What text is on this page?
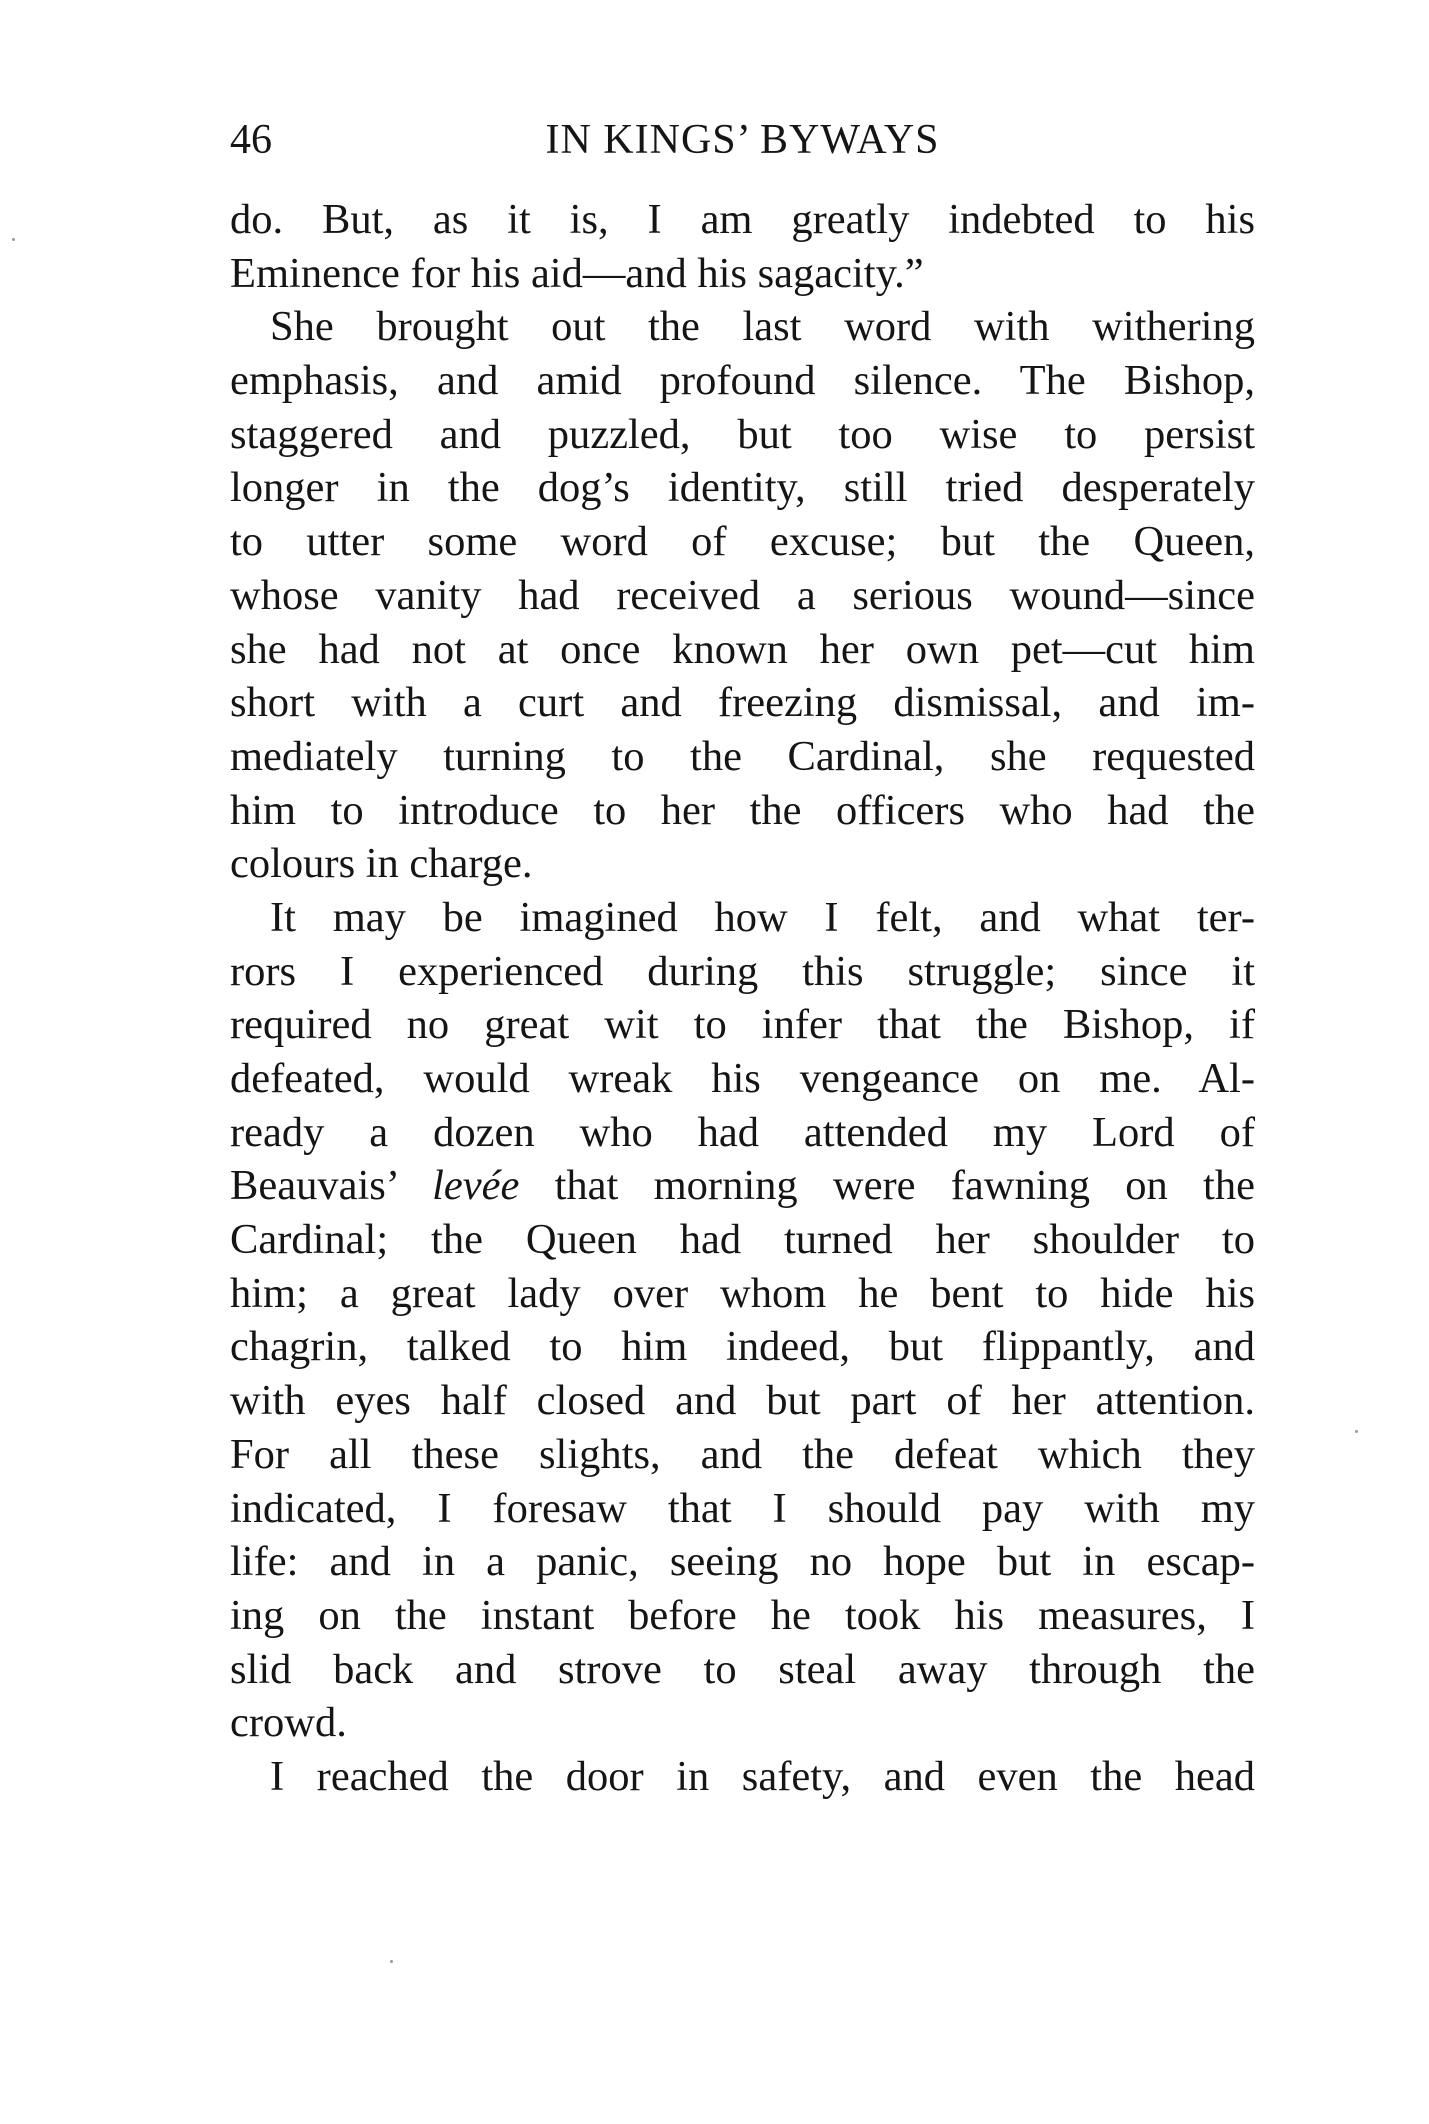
46	IN KINGS’ BYWAYS
do. But, as it is, I am greatly indebted to his
Eminence for his aid—and his sagacity.”
She brought out the last word with withering
emphasis, and amid profound silence. The Bishop,
staggered and puzzled, but too wise to persist
longer in the dog’s identity, still tried desperately
to utter some word of excuse; but the Queen,
whose vanity had received a serious wound—since
she had not at once known her own pet—cut him
short with a curt and freezing dismissal, and im-
mediately turning to the Cardinal, she requested
him to introduce to her the officers who had the
colours in charge.
It may be imagined how I felt, and what ter-
rors I experienced during this struggle; since it
required no great wit to infer that the Bishop, if
defeated, would wreak his vengeance on me. Al-
ready a dozen who had attended my Lord of
Beauvais’ levée that morning were fawning on the
Cardinal; the Queen had turned her shoulder to
him; a great lady over whom he bent to hide his
chagrin, talked to him indeed, but flippantly, and
with eyes half closed and but part of her attention.
For all these slights, and the defeat which they
indicated, I foresaw that I should pay with my
life: and in a panic, seeing no hope but in escap-
ing on the instant before he took his measures, I
slid back and strove to steal away through the
crowd.
I reached the door in safety, and even the head
